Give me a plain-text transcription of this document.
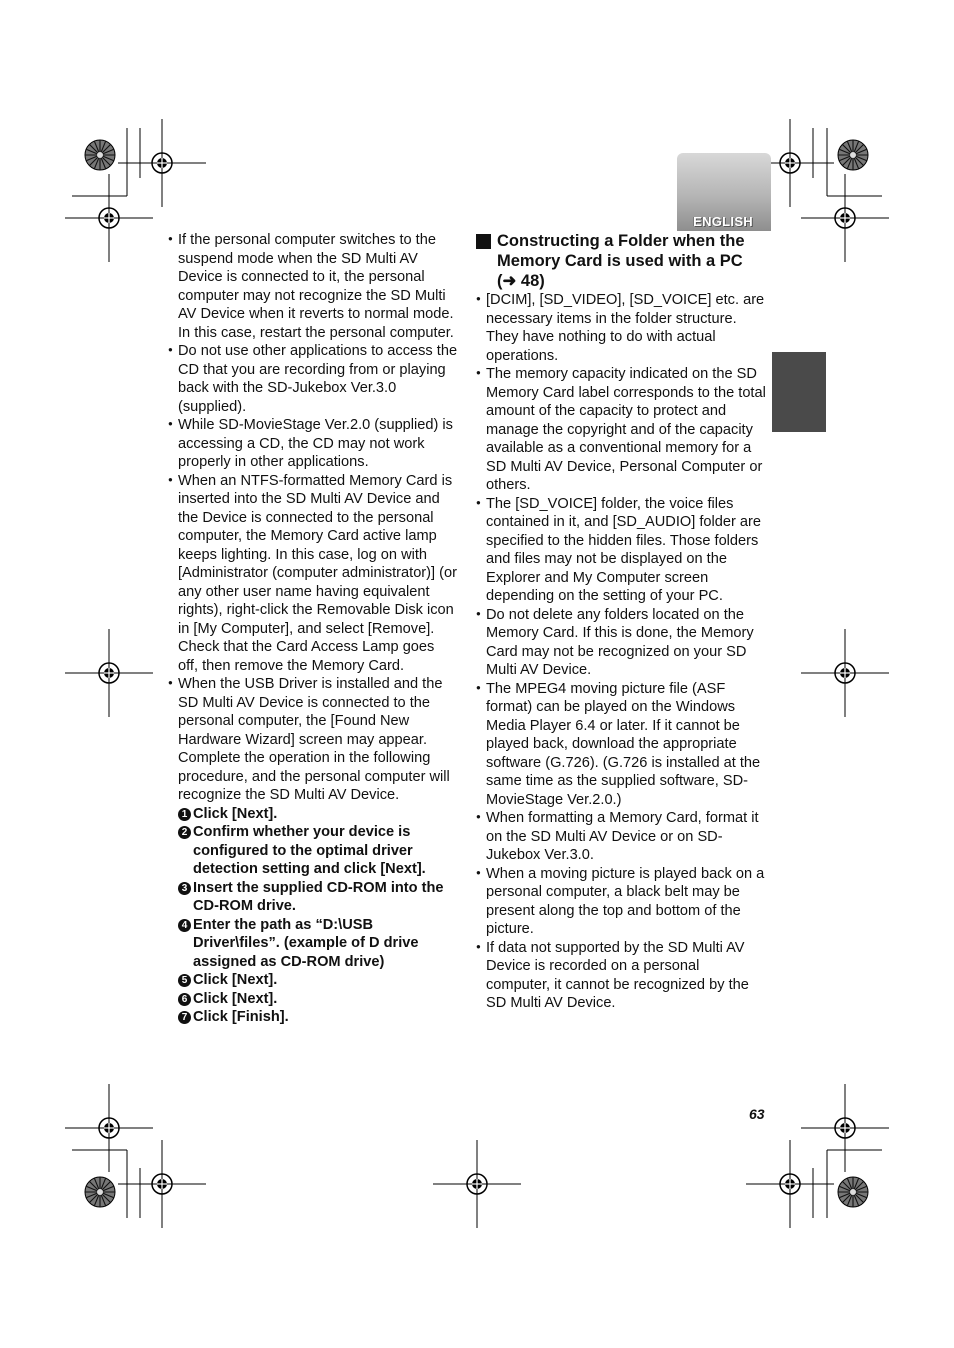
ENGLISH
● If the personal computer switches to the suspend mode when the SD Multi AV Device is connected to it, the personal computer may not recognize the SD Multi AV Device when it reverts to normal mode. In this case, restart the personal computer.
● Do not use other applications to access the CD that you are recording from or playing back with the SD-Jukebox Ver.3.0 (supplied).
● While SD-MovieStage Ver.2.0 (supplied) is accessing a CD, the CD may not work properly in other applications.
● When an NTFS-formatted Memory Card is inserted into the SD Multi AV Device and the Device is connected to the personal computer, the Memory Card active lamp keeps lighting. In this case, log on with [Administrator (computer administrator)] (or any other user name having equivalent rights), right-click the Removable Disk icon in [My Computer], and select [Remove]. Check that the Card Access Lamp goes off, then remove the Memory Card.
● When the USB Driver is installed and the SD Multi AV Device is connected to the personal computer, the [Found New Hardware Wizard] screen may appear. Complete the operation in the following procedure, and the personal computer will recognize the SD Multi AV Device.
1 Click [Next].
2 Confirm whether your device is configured to the optimal driver detection setting and click [Next].
3 Insert the supplied CD-ROM into the CD-ROM drive.
4 Enter the path as “D:\USB Driver\files”. (example of D drive assigned as CD-ROM drive)
5 Click [Next].
6 Click [Next].
7 Click [Finish].
Constructing a Folder when the Memory Card is used with a PC (➜ 48)
● [DCIM], [SD_VIDEO], [SD_VOICE] etc. are necessary items in the folder structure. They have nothing to do with actual operations.
● The memory capacity indicated on the SD Memory Card label corresponds to the total amount of the capacity to protect and manage the copyright and of the capacity available as a conventional memory for a SD Multi AV Device, Personal Computer or others.
● The [SD_VOICE] folder, the voice files contained in it, and [SD_AUDIO] folder are specified to the hidden files. Those folders and files may not be displayed on the Explorer and My Computer screen depending on the setting of your PC.
● Do not delete any folders located on the Memory Card. If this is done, the Memory Card may not be recognized on your SD Multi AV Device.
● The MPEG4 moving picture file (ASF format) can be played on the Windows Media Player 6.4 or later. If it cannot be played back, download the appropriate software (G.726). (G.726 is installed at the same time as the supplied software, SD-MovieStage Ver.2.0.)
● When formatting a Memory Card, format it on the SD Multi AV Device or on SD-Jukebox Ver.3.0.
● When a moving picture is played back on a personal computer, a black belt may be present along the top and bottom of the picture.
● If data not supported by the SD Multi AV Device is recorded on a personal computer, it cannot be recognized by the SD Multi AV Device.
63
